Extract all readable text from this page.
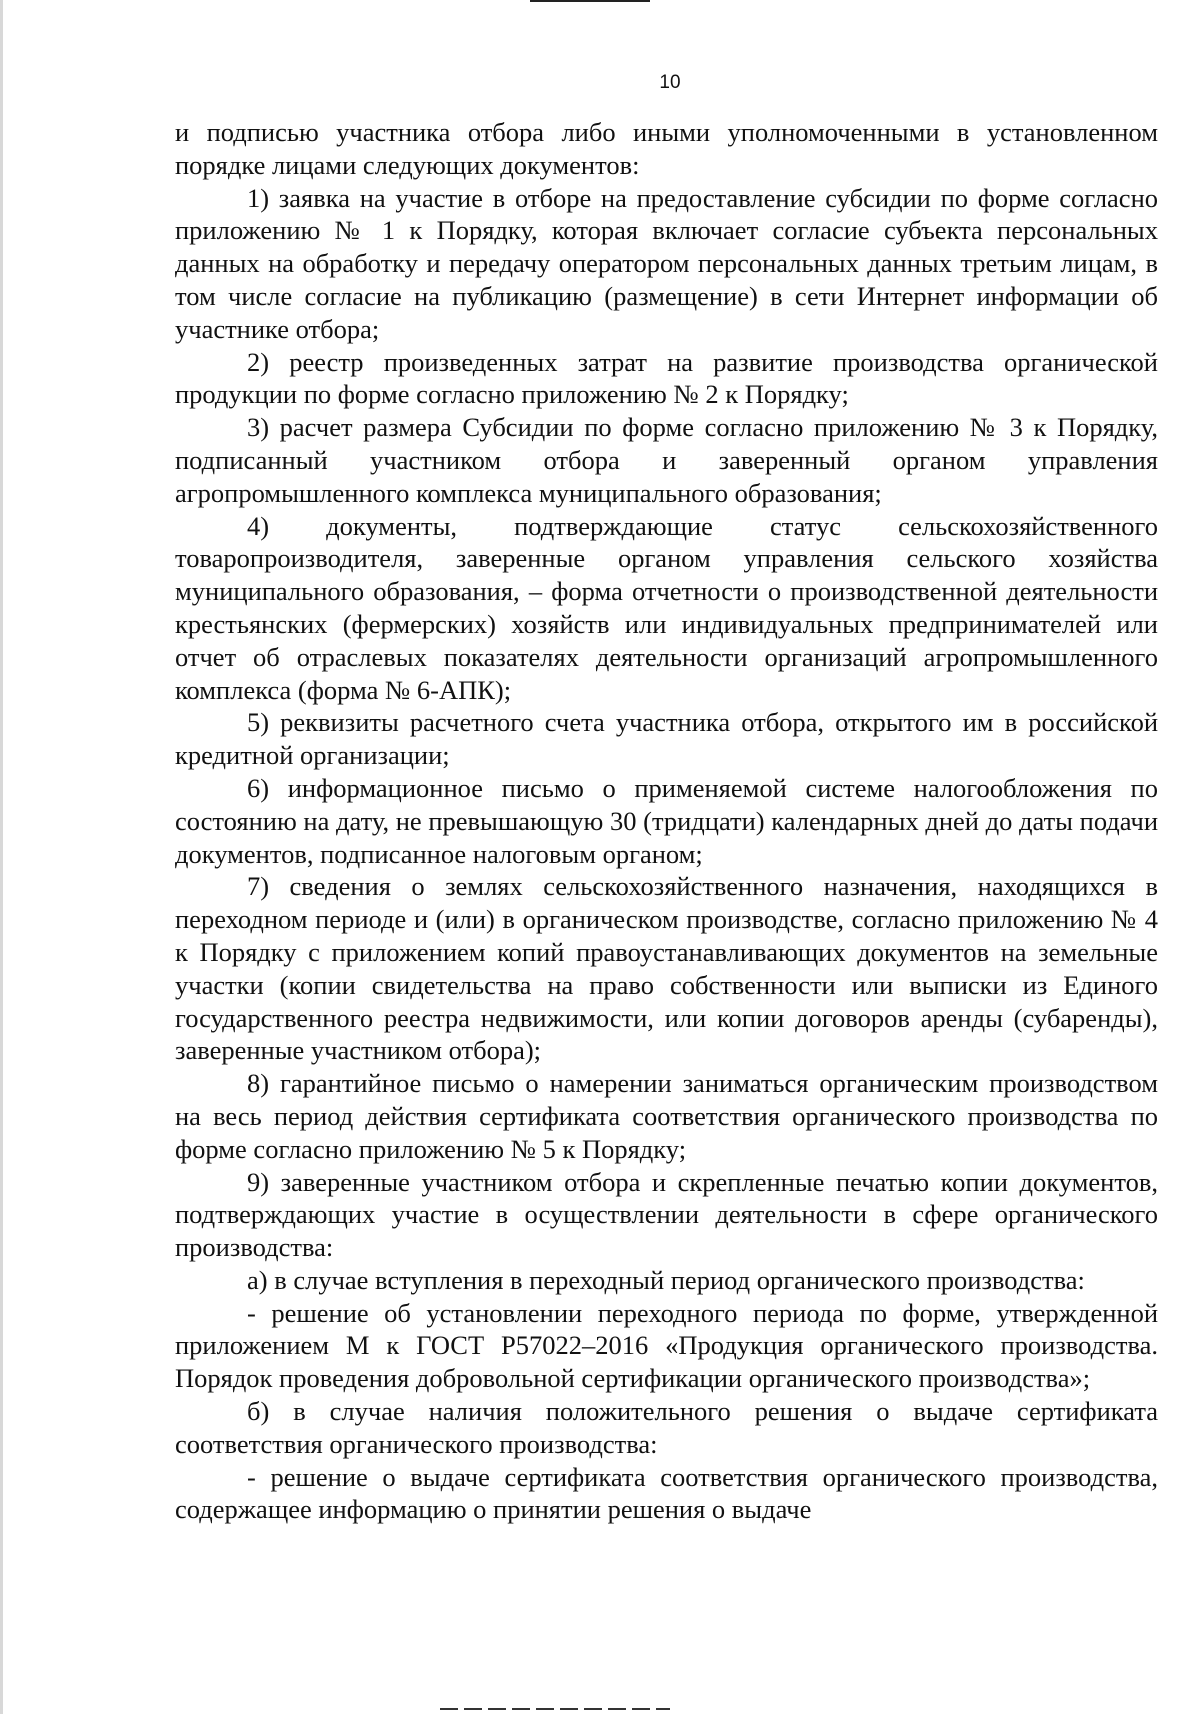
10

и подписью участника отбора либо иными уполномоченными в установленном порядке лицами следующих документов:

1) заявка на участие в отборе на предоставление субсидии по форме согласно приложению № 1 к Порядку, которая включает согласие субъекта персональных данных на обработку и передачу оператором персональных данных третьим лицам, в том числе согласие на публикацию (размещение) в сети Интернет информации об участнике отбора;

2) реестр произведенных затрат на развитие производства органической продукции по форме согласно приложению № 2 к Порядку;

3) расчет размера Субсидии по форме согласно приложению № 3 к Порядку, подписанный участником отбора и заверенный органом управления агропромышленного комплекса муниципального образования;

4) документы, подтверждающие статус сельскохозяйственного товаропроизводителя, заверенные органом управления сельского хозяйства муниципального образования, – форма отчетности о производственной деятельности крестьянских (фермерских) хозяйств или индивидуальных предпринимателей или отчет об отраслевых показателях деятельности организаций агропромышленного комплекса (форма № 6-АПК);

5) реквизиты расчетного счета участника отбора, открытого им в российской кредитной организации;

6) информационное письмо о применяемой системе налогообложения по состоянию на дату, не превышающую 30 (тридцати) календарных дней до даты подачи документов, подписанное налоговым органом;

7) сведения о землях сельскохозяйственного назначения, находящихся в переходном периоде и (или) в органическом производстве, согласно приложению № 4 к Порядку с приложением копий правоустанавливающих документов на земельные участки (копии свидетельства на право собственности или выписки из Единого государственного реестра недвижимости, или копии договоров аренды (субаренды), заверенные участником отбора);

8) гарантийное письмо о намерении заниматься органическим производством на весь период действия сертификата соответствия органического производства по форме согласно приложению № 5 к Порядку;

9) заверенные участником отбора и скрепленные печатью копии документов, подтверждающих участие в осуществлении деятельности в сфере органического производства:

а) в случае вступления в переходный период органического производства:

- решение об установлении переходного периода по форме, утвержденной приложением М к ГОСТ Р57022–2016 «Продукция органического производства. Порядок проведения добровольной сертификации органического производства»;

б) в случае наличия положительного решения о выдаче сертификата соответствия органического производства:

- решение о выдаче сертификата соответствия органического производства, содержащее информацию о принятии решения о выдаче
